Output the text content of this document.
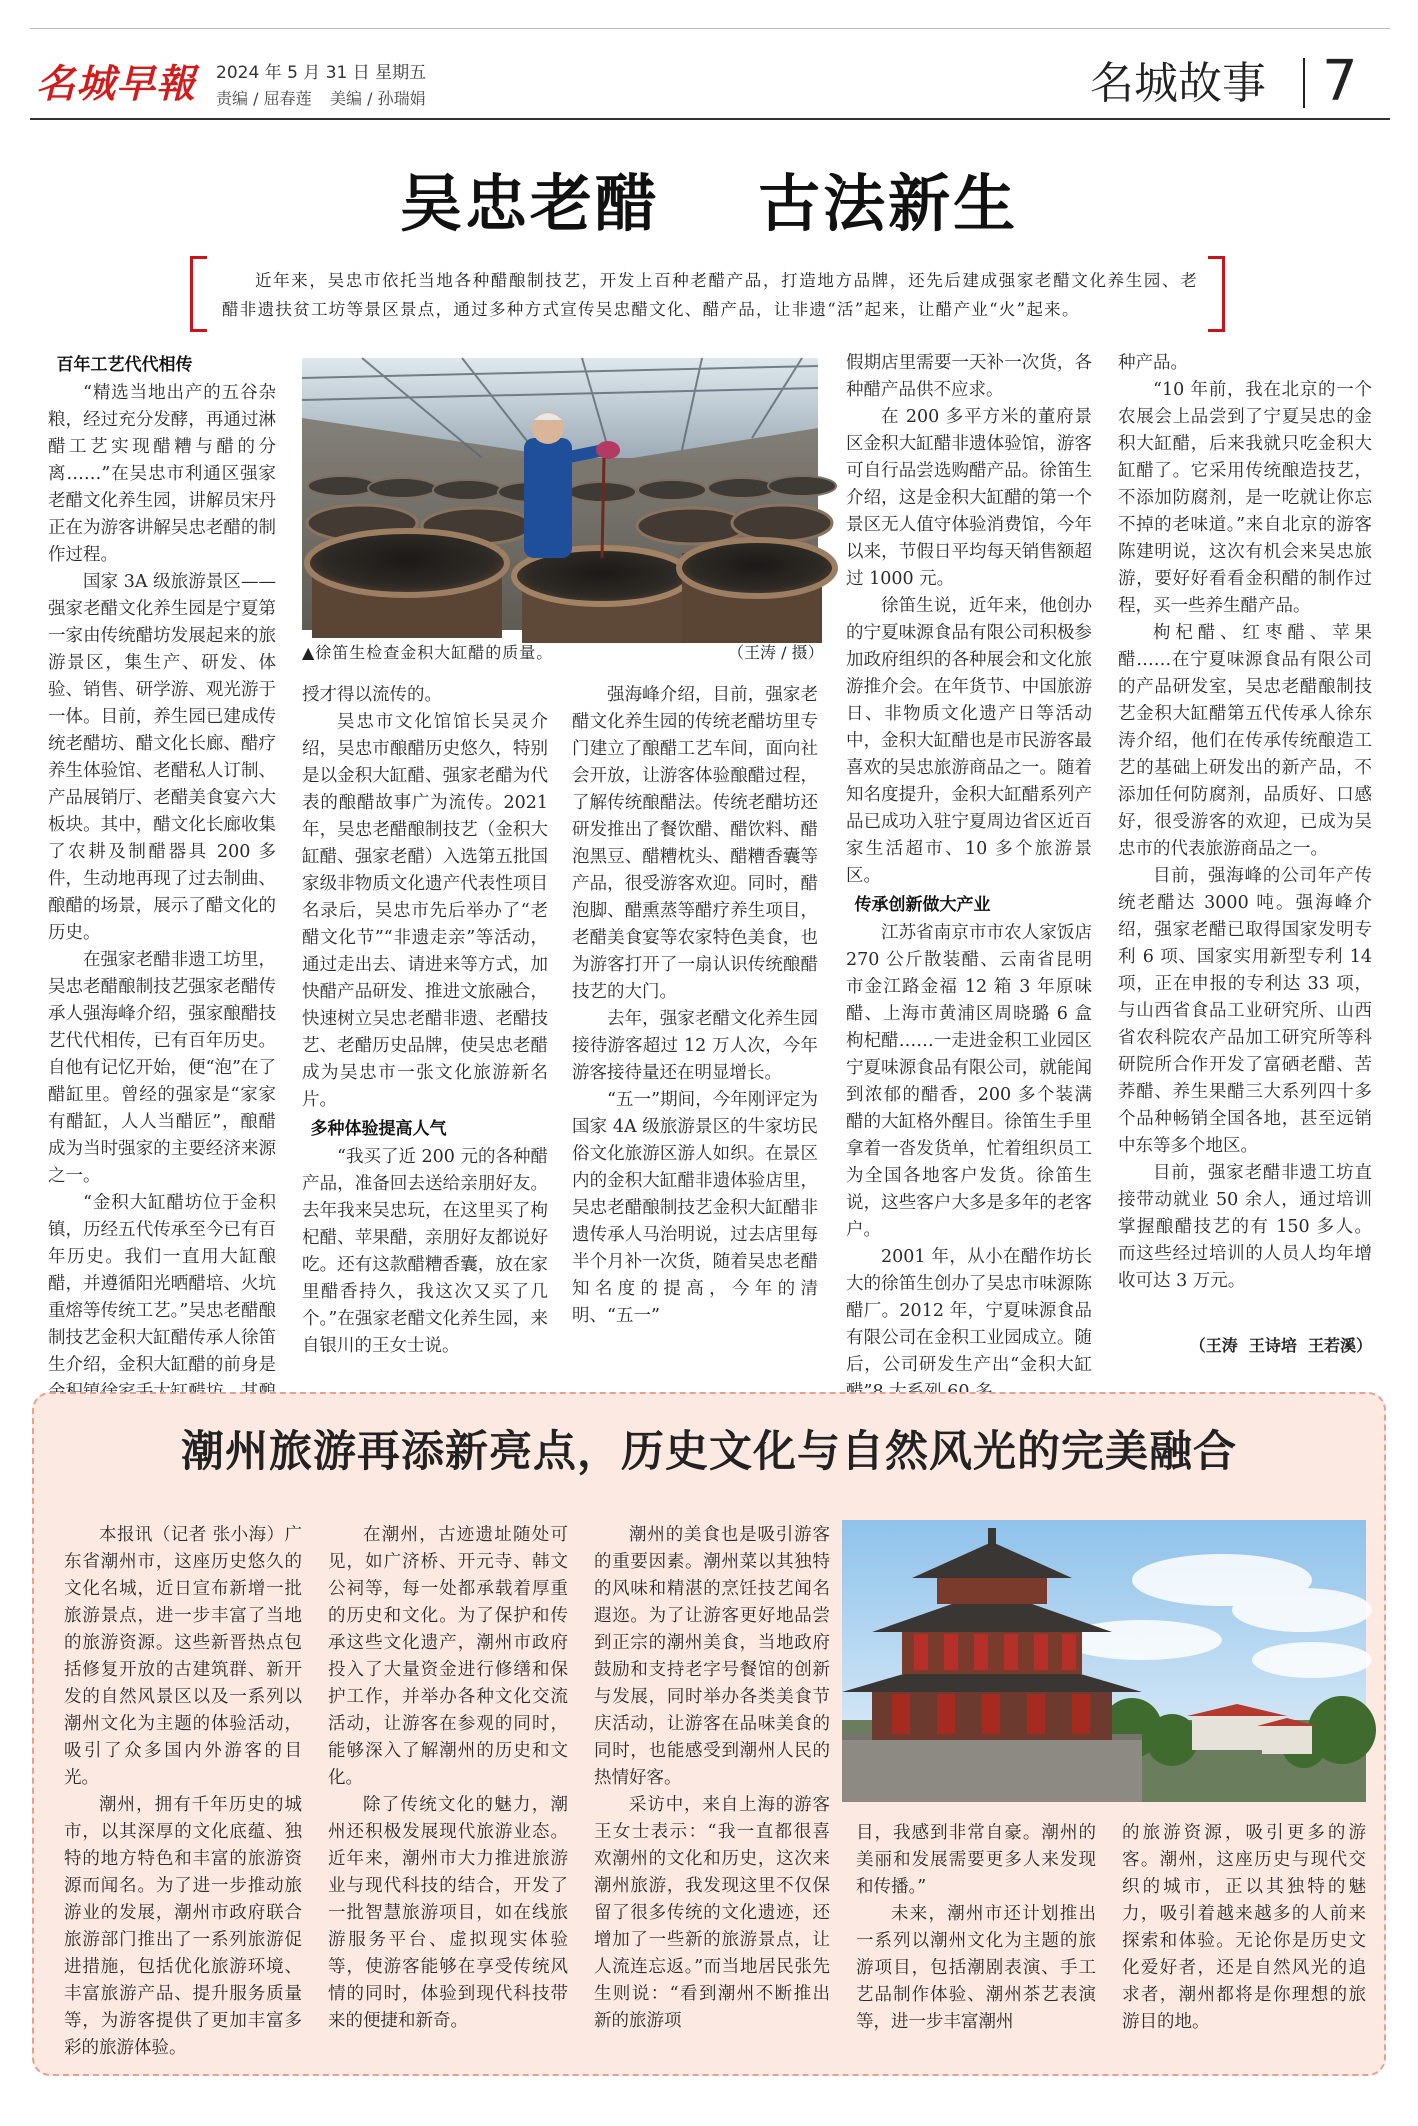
名城早報 2024 年 5 月 31 日 星期五
责编 / 屈春莲 美编 / 孙瑞娟	名城故事 7
吴忠老醋    古法新生
近年来，吴忠市依托当地各种醋酿制技艺，开发上百种老醋产品，打造地方品牌，还先后建成强家老醋文化养生园、老醋非遗扶贫工坊等景区景点，通过多种方式宣传吴忠醋文化、醋产品，让非遗“活”起来，让醋产业“火”起来。
▲徐笛生检查金积大缸醋的质量。	（王涛 / 摄）
百年工艺代代相传

“精选当地出产的五谷杂粮，经过充分发酵，再通过淋醋工艺实现醋糟与醋的分离……”在吴忠市利通区强家老醋文化养生园，讲解员宋丹正在为游客讲解吴忠老醋的制作过程。

国家 3A 级旅游景区——强家老醋文化养生园是宁夏第一家由传统醋坊发展起来的旅游景区，集生产、研发、体验、销售、研学游、观光游于一体。目前，养生园已建成传统老醋坊、醋文化长廊、醋疗养生体验馆、老醋私人订制、产品展销厅、老醋美食宴六大板块。其中，醋文化长廊收集了农耕及制醋器具 200 多件，生动地再现了过去制曲、酿醋的场景，展示了醋文化的历史。

在强家老醋非遗工坊里，吴忠老醋酿制技艺强家老醋传承人强海峰介绍，强家酿醋技艺代代相传，已有百年历史。自他有记忆开始，便“泡”在了醋缸里。曾经的强家是“家家有醋缸，人人当醋匠”，酿醋成为当时强家的主要经济来源之一。

“金积大缸醋坊位于金积镇，历经五代传承至今已有百年历史。我们一直用大缸酿醋，并遵循阳光晒醋培、火坑重熔等传统工艺。”吴忠老醋酿制技艺金积大缸醋传承人徐笛生介绍，金积大缸醋的前身是

授才得以流传的。

吴忠市文化馆馆长吴灵介绍，吴忠市酿醋历史悠久，特别是以金积大缸醋、强家老醋为代表的酿醋故事广为流传。2021 年，吴忠老醋酿制技艺（金积大缸醋、强家老醋）入选第五批国家级非物质文化遗产代表性项目名录后，吴忠市先后举办了“老醋文化节”“非遗走亲”等活动，通过走出去、请进来等方式，加快醋产品研发、推进文旅融合，快速树立吴忠老醋非遗、老醋技艺、老醋历史品牌，使吴忠老醋成为吴忠市一张文化旅游新名片。

多种体验提高人气

“我买了近 200 元的各种醋产品，准备回去送给亲朋好友。去年我来吴忠玩，在这里买了枸杞醋、苹果醋，亲朋好友都说好吃。还有这款醋糟香囊，放在家里醋香持久，我这次又买了几个。”在强家老醋文化养生园，来自银川的王女士说。

强海峰介绍，目前，强家老醋文化养生园的传统老醋坊里专门建立了酿醋工艺车间，面向社会开放，让游客体验酿醋过程，了解传统酿醋法。传统老醋坊还研发推出了餐饮醋、醋饮料、醋泡黑豆、醋糟枕头、醋糟香囊等产品，很受游客欢迎。同时，醋泡脚、醋熏蒸等醋疗养生项目，老醋美食宴等农家特色美食，也为游客打开了一扇认识传统酿醋技艺的大门。

去年，强家老醋文化养生园接待游客超过 12 万人次，今年游客接待量还在明显增长。

“五一”期间，今年刚评定为国家 4A 级旅游景区的牛家坊民俗文化旅游区游人如织。在景区内的金积大缸醋非遗体验店里，吴忠老醋酿制技艺金积大缸醋非遗传承人马治明说，过去店里每半个月补一次货，随着吴忠老醋知名度的提高，今年的清明、“五一”

假期店里需要一天补一次货，各种醋产品供不应求。

在 200 多平方米的董府景区金积大缸醋非遗体验馆，游客可自行品尝选购醋产品。徐笛生介绍，这是金积大缸醋的第一个景区无人值守体验消费馆，今年以来，节假日平均每天销售额超过 1000 元。

徐笛生说，近年来，他创办的宁夏味源食品有限公司积极参加政府组织的各种展会和文化旅游推介会。在年货节、中国旅游日、非物质文化遗产日等活动中，金积大缸醋也是市民游客最喜欢的吴忠旅游商品之一。随着知名度提升，金积大缸醋系列产品已成功入驻宁夏周边省区近百家生活超市、10 多个旅游景区。

传承创新做大产业

江苏省南京市市农人家饭店 270 公斤散装醋、云南省昆明市金江路金福 12 箱 3 年原味醋、上海市黄浦区周晓璐 6 盒枸杞醋……一走进金积工业园区宁夏味源食品有限公司，就能闻到浓郁的醋香，200 多个装满醋的大缸格外醒目。徐笛生手里拿着一沓发货单，忙着组织员工为全国各地客户发货。徐笛生说，这些客户大多是多年的老客户。

2001 年，从小在醋作坊长大的徐笛生创办了吴忠市味源陈醋厂。2012 年，宁夏味源食品有限公司在金积工业园成立。随后，公司研发生产出“金积大缸

种产品。

“10 年前，我在北京的一个农展会上品尝到了宁夏吴忠的金积大缸醋，后来我就只吃金积大缸醋了。它采用传统酿造技艺，不添加防腐剂，是一吃就让你忘不掉的老味道。”来自北京的游客陈建明说，这次有机会来吴忠旅游，要好好看看金积醋的制作过程，买一些养生醋产品。

枸杞醋、红枣醋、苹果醋……在宁夏味源食品有限公司的产品研发室，吴忠老醋酿制技艺金积大缸醋第五代传承人徐东涛介绍，他们在传承传统酿造工艺的基础上研发出的新产品，不添加任何防腐剂，品质好、口感好，很受游客的欢迎，已成为吴忠市的代表旅游商品之一。

目前，强海峰的公司年产传统老醋达 3000 吨。强海峰介绍，强家老醋已取得国家发明专利 6 项、国家实用新型专利 14 项，正在申报的专利达 33 项，与山西省食品工业研究所、山西省农科院农产品加工研究所等科研院所合作开发了富硒老醋、苦荞醋、养生果醋三大系列四十多个品种畅销全国各地，甚至远销中东等多个地区。

目前，强家老醋非遗工坊直接带动就业 50 余人，通过培训掌握酿醋技艺的有 150 多人。而这些经过培训的人员人均年增收可达 3 万元。

（王涛  王诗培  王若溪）
潮州旅游再添新亮点，历史文化与自然风光的完美融合

本报讯（记者 张小海）广东省潮州市，这座历史悠久的文化名城，近日宣布新增一批旅游景点，进一步丰富了当地的旅游资源。这些新晋热点包括修复开放的古建筑群、新开发的自然风景区以及一系列以潮州文化为主题的体验活动，吸引了众多国内外游客的目光。

潮州，拥有千年历史的城市，以其深厚的文化底蕴、独特的地方特色和丰富的旅游资源而闻名。为了进一步推动旅游业的发展，潮州市政府联合旅游部门推出了一系列旅游促进措施，包括优化旅游环境、丰富旅游产品、提升服务质量等，为游客提供了更加丰富多彩的旅游体验。

在潮州，古迹遗址随处可见，如广济桥、开元寺、韩文公祠等，每一处都承载着厚重的历史和文化。为了保护和传承这些文化遗产，潮州市政府投入了大量资金进行修缮和保护工作，并举办各种文化交流活动，让游客在参观的同时，能够深入了解潮州的历史和文化。

除了传统文化的魅力，潮州还积极发展现代旅游业态。近年来，潮州市大力推进旅游业与现代科技的结合，开发了一批智慧旅游项目，如在线旅游服务平台、虚拟现实体验等，使游客能够在享受传统风情的同时，体验到现代科技带来的便捷和新奇。

潮州的美食也是吸引游客的重要因素。潮州菜以其独特的风味和精湛的烹饪技艺闻名遐迩。为了让游客更好地品尝到正宗的潮州美食，当地政府鼓励和支持老字号餐馆的创新与发展，同时举办各类美食节庆活动，让游客在品味美食的同时，也能感受到潮州人民的热情好客。

采访中，来自上海的游客王女士表示：“我一直都很喜欢潮州的文化和历史，这次来潮州旅游，我发现这里不仅保留了很多传统的文化遗迹，还增加了一些新的旅游景点，让人流连忘返。”而当地居民张先生则说：“看到潮州不断推出新的旅游项

目，我感到非常自豪。潮州的美丽和发展需要更多人来发现和传播。”

未来，潮州市还计划推出一系列以潮州文化为主题的旅游项目，包括潮剧表演、手工艺品制作体验、潮州茶艺表演等，进一步丰富潮州

的旅游资源，吸引更多的游客。潮州，这座历史与现代交织的城市，正以其独特的魅力，吸引着越来越多的人前来探索和体验。无论你是历史文化爱好者，还是自然风光的追求者，潮州都将是你理想的旅游目的地。
